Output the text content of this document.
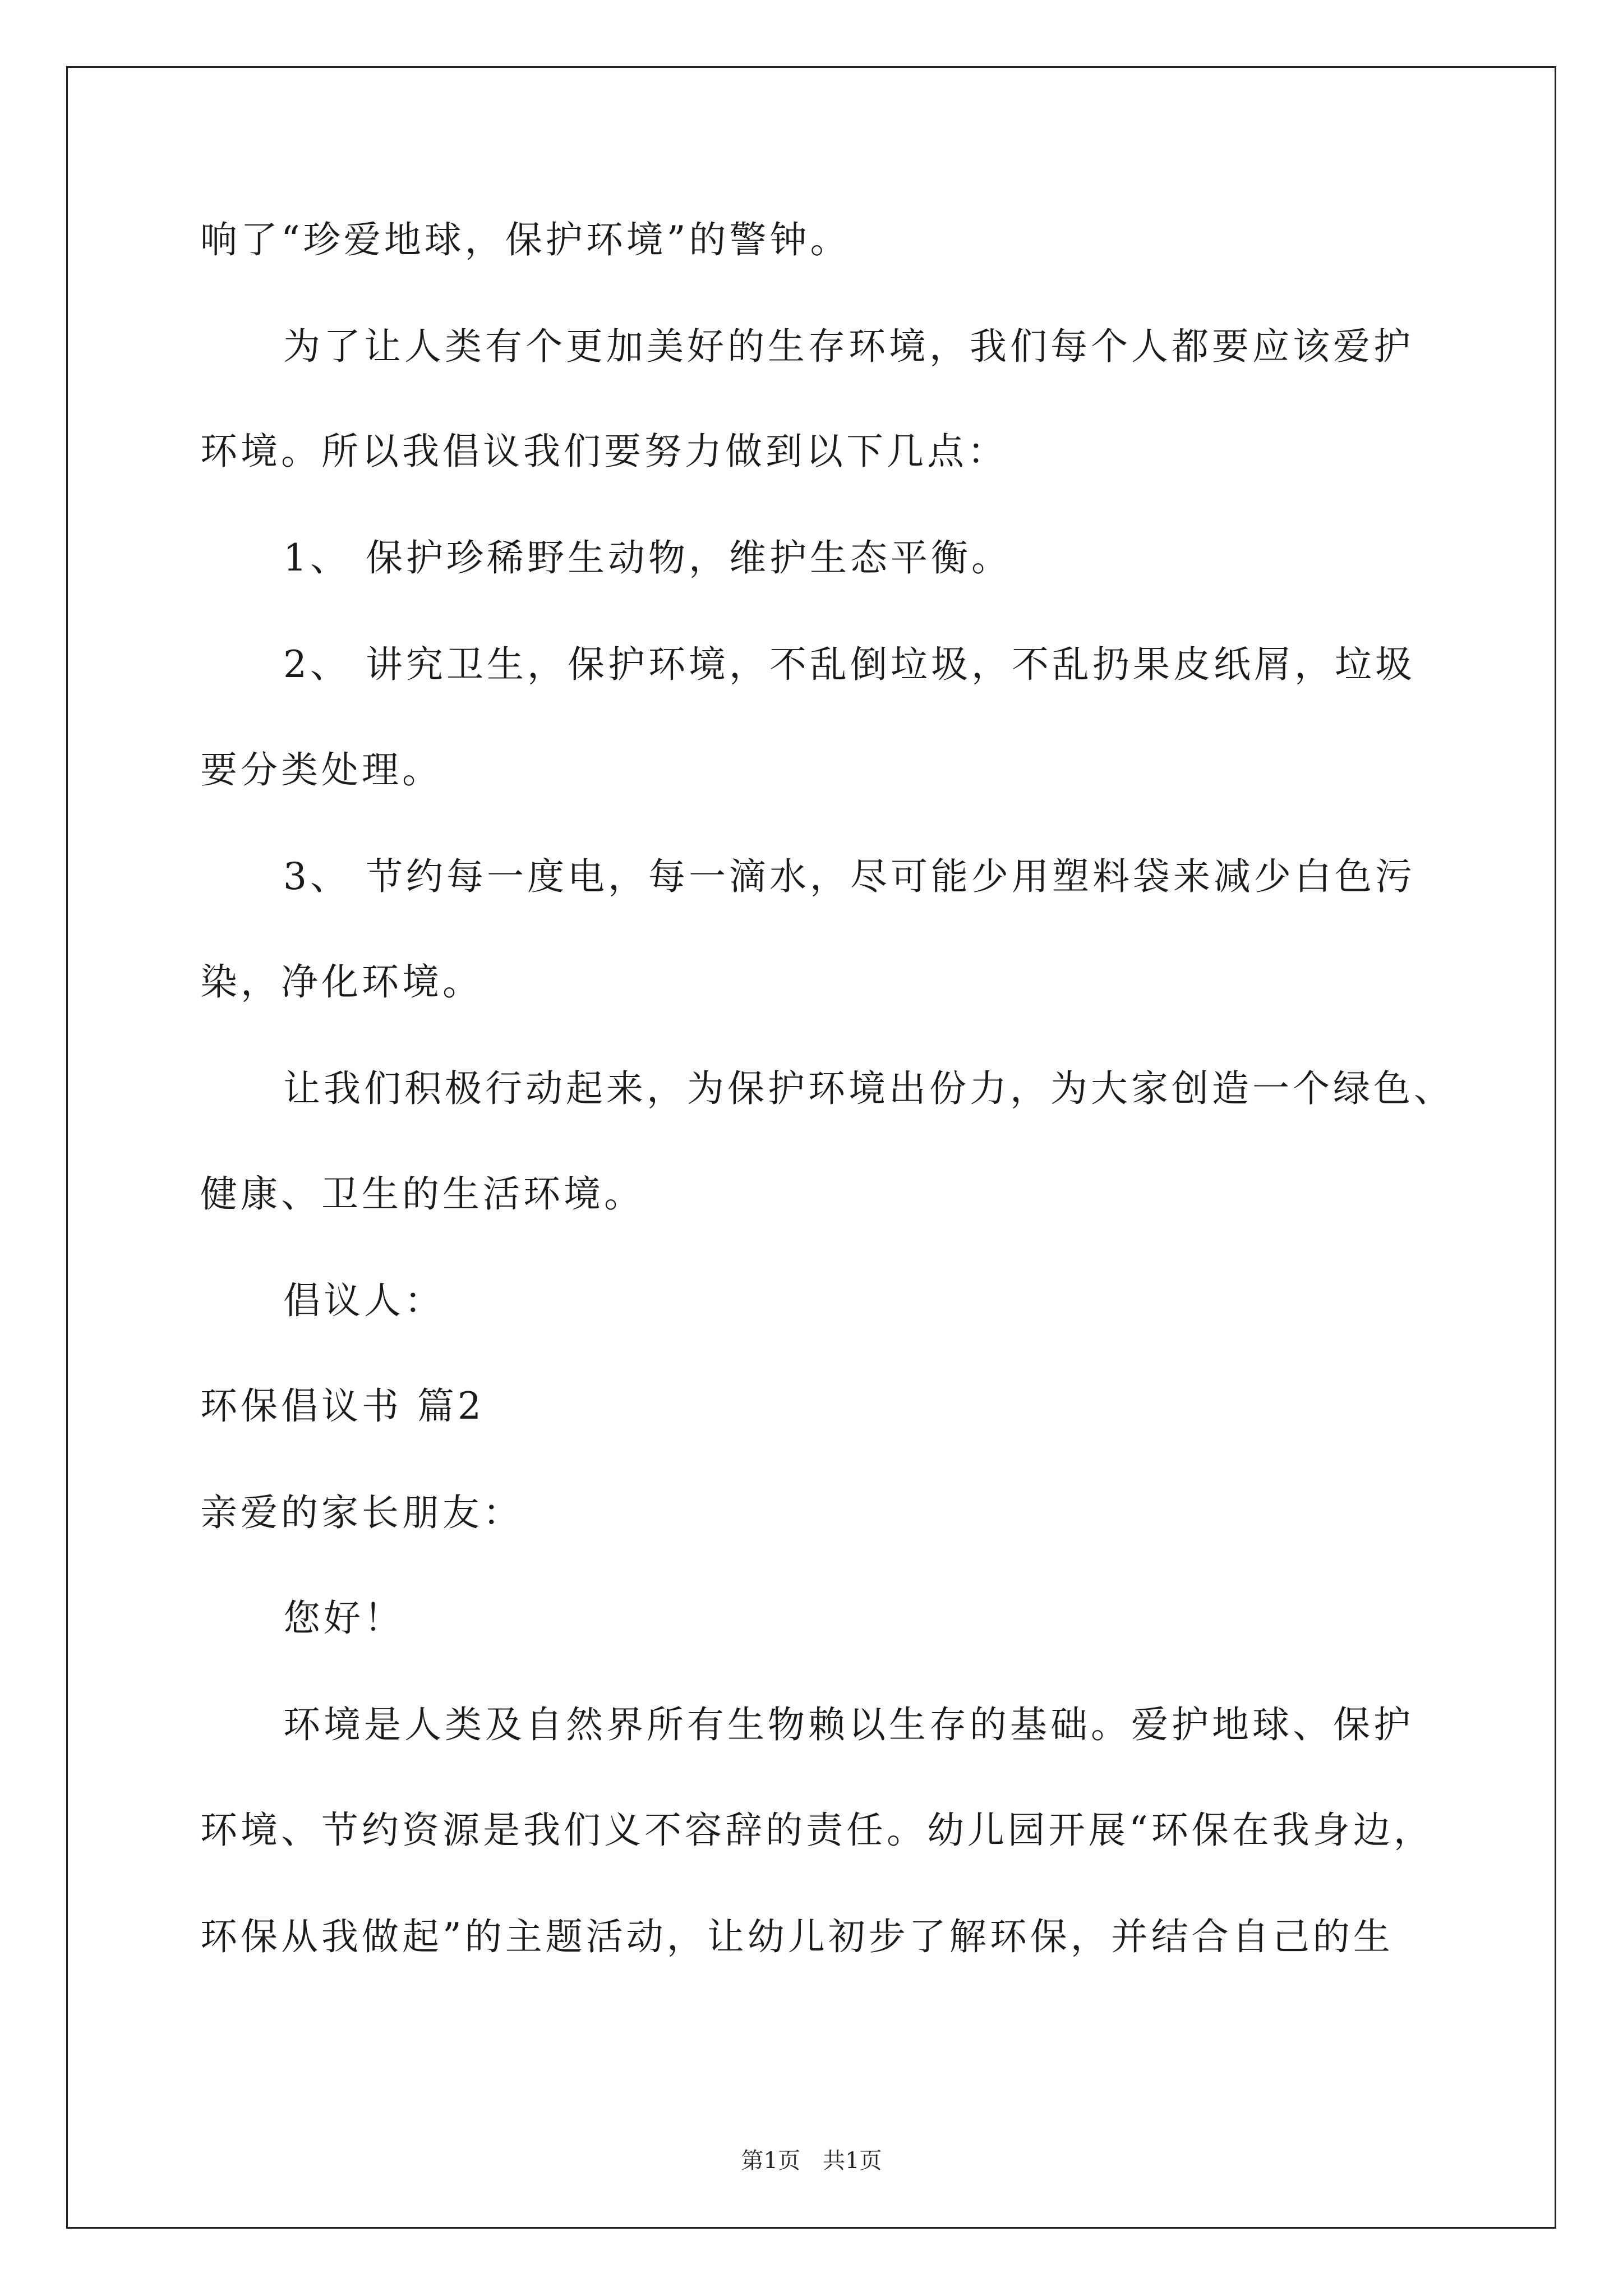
响了“珍爱地球，保护环境”的警钟。
为了让人类有个更加美好的生存环境，我们每个人都要应该爱护
环境。所以我倡议我们要努力做到以下几点：
1、 保护珍稀野生动物，维护生态平衡。
2、 讲究卫生，保护环境，不乱倒垃圾，不乱扔果皮纸屑，垃圾
要分类处理。
3、 节约每一度电，每一滴水，尽可能少用塑料袋来减少白色污
染，净化环境。
让我们积极行动起来，为保护环境出份力，为大家创造一个绿色、
健康、卫生的生活环境。
倡议人：
环保倡议书 篇2
亲爱的家长朋友：
您好！
环境是人类及自然界所有生物赖以生存的基础。爱护地球、保护
环境、节约资源是我们义不容辞的责任。幼儿园开展“环保在我身边，
环保从我做起”的主题活动，让幼儿初步了解环保，并结合自己的生
第1页　共1页
